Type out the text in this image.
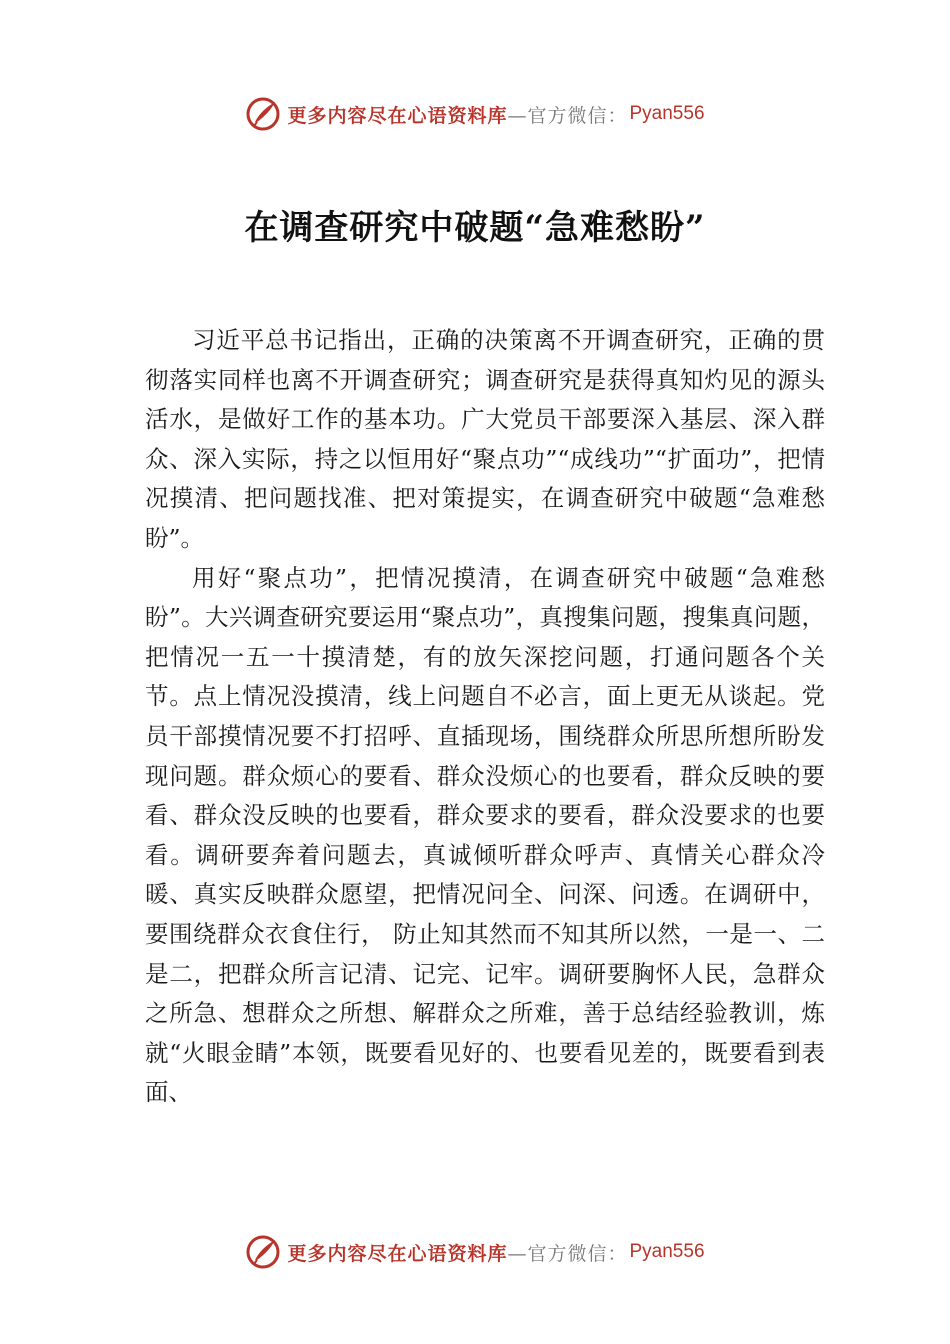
更多内容尽在心语资料库 —官方微信： Pyan556
在调查研究中破题“急难愁盼”

习近平总书记指出，正确的决策离不开调查研究，正确的贯彻落实同样也离不开调查研究；调查研究是获得真知灼见的源头活水，是做好工作的基本功。广大党员干部要深入基层、深入群众、深入实际，持之以恒用好“聚点功”“成线功”“扩面功”，把情况摸清、把问题找准、把对策提实，在调查研究中破题“急难愁盼”。

用好“聚点功”，把情况摸清，在调查研究中破题“急难愁盼”。大兴调查研究要运用“聚点功”，真搜集问题，搜集真问题，把情况一五一十摸清楚，有的放矢深挖问题，打通问题各个关节。点上情况没摸清，线上问题自不必言，面上更无从谈起。党员干部摸情况要不打招呼、直插现场，围绕群众所思所想所盼发现问题。群众烦心的要看、群众没烦心的也要看，群众反映的要看、群众没反映的也要看，群众要求的要看，群众没要求的也要看。调研要奔着问题去，真诚倾听群众呼声、真情关心群众冷暖、真实反映群众愿望，把情况问全、问深、问透。在调研中，要围绕群众衣食住行， 防止知其然而不知其所以然，一是一、二是二，把群众所言记清、记完、记牢。调研要胸怀人民，急群众之所急、想群众之所想、解群众之所难，善于总结经验教训，炼就“火眼金睛”本领，既要看见好的、也要看见差的，既要看到表面、

更多内容尽在心语资料库 —官方微信： Pyan556
